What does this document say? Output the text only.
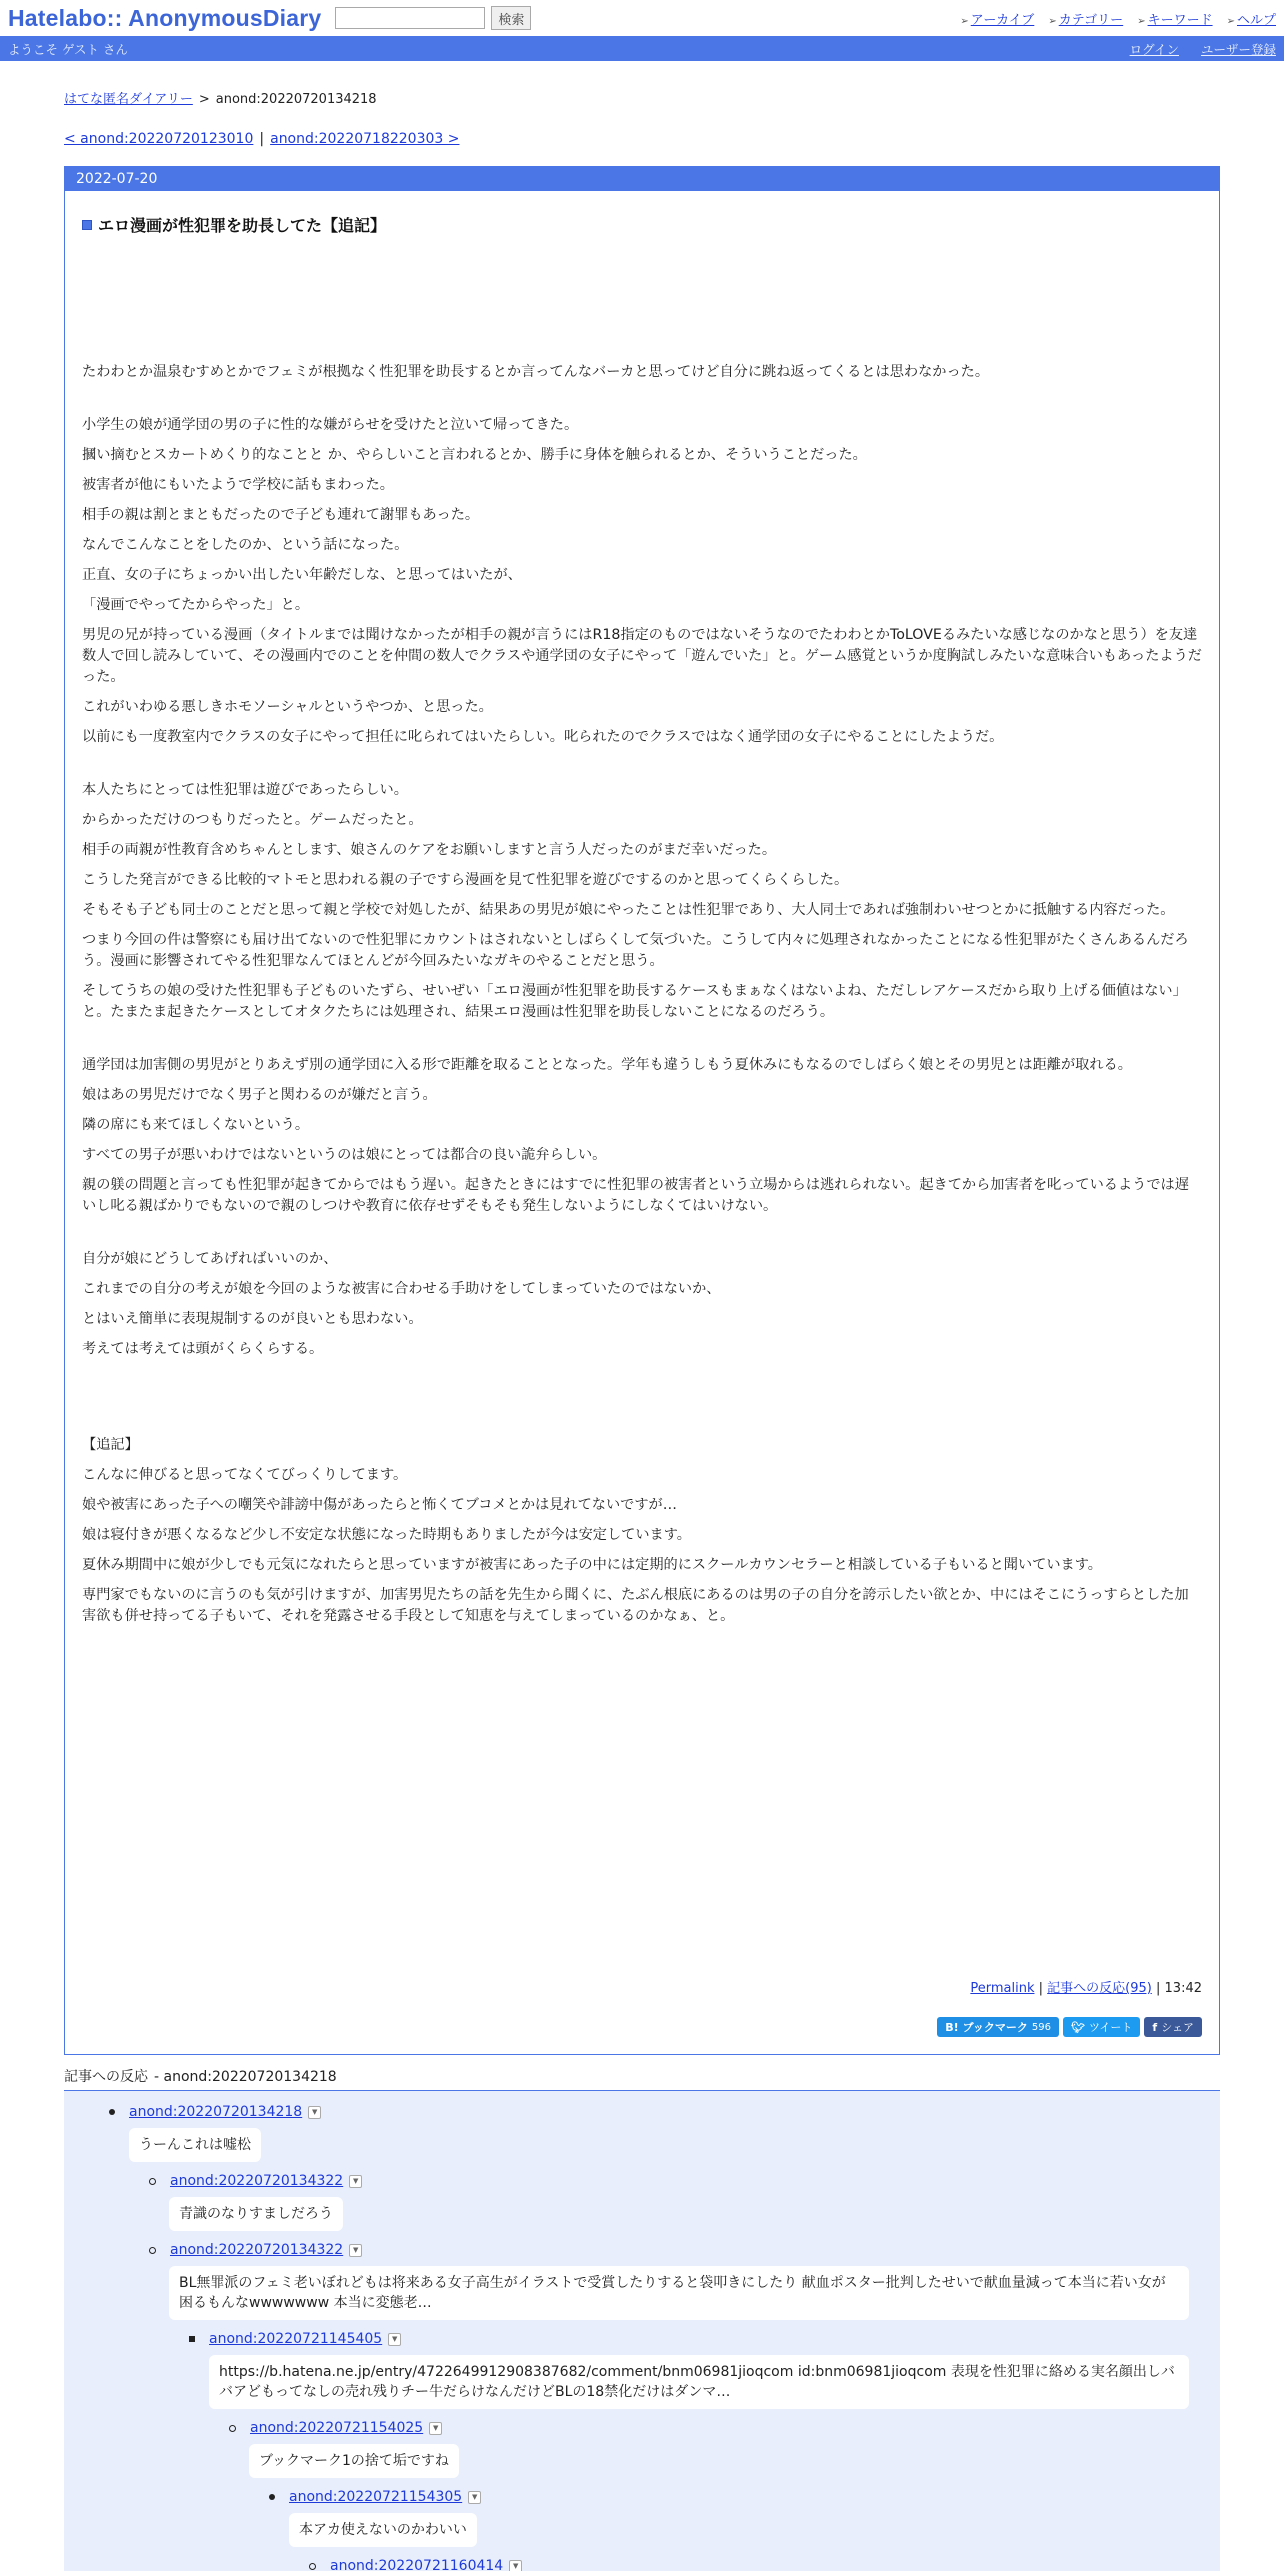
Hatelabo:: AnonymousDiary	検索	➢ アーカイブ ➢ カテゴリー ➢ キーワード ➢ ヘルプ
ようこそ ゲスト さん	ログイン ユーザー登録
はてな匿名ダイアリー > anond:20220720134218
< anond:20220720123010 | anond:20220718220303 >
2022-07-20
エロ漫画が性犯罪を助長してた【追記】

たわわとか温泉むすめとかでフェミが根拠なく性犯罪を助長するとか言ってんなバーカと思ってけど自分に跳ね返ってくるとは思わなかった。

小学生の娘が通学団の男の子に性的な嫌がらせを受けたと泣いて帰ってきた。

摑い摘むとスカートめくり的なことと か、やらしいこと言われるとか、勝手に身体を触られるとか、そういうことだった。

被害者が他にもいたようで学校に話もまわった。

相手の親は割とまともだったので子ども連れて謝罪もあった。

なんでこんなことをしたのか、という話になった。

正直、女の子にちょっかい出したい年齢だしな、と思ってはいたが、

「漫画でやってたからやった」と。

男児の兄が持っている漫画（タイトルまでは聞けなかったが相手の親が言うにはR18指定のものではないそうなのでたわわとかToLOVEるみたいな感じなのかなと思う）を友達数人で回し読みしていて、その漫画内でのことを仲間の数人でクラスや通学団の女子にやって「遊んでいた」と。ゲーム感覚というか度胸試しみたいな意味合いもあったようだった。

これがいわゆる悪しきホモソーシャルというやつか、と思った。

以前にも一度教室内でクラスの女子にやって担任に叱られてはいたらしい。叱られたのでクラスではなく通学団の女子にやることにしたようだ。

本人たちにとっては性犯罪は遊びであったらしい。

からかっただけのつもりだったと。ゲームだったと。

相手の両親が性教育含めちゃんとします、娘さんのケアをお願いしますと言う人だったのがまだ幸いだった。

こうした発言ができる比較的マトモと思われる親の子ですら漫画を見て性犯罪を遊びでするのかと思ってくらくらした。

そもそも子ども同士のことだと思って親と学校で対処したが、結果あの男児が娘にやったことは性犯罪であり、大人同士であれば強制わいせつとかに抵触する内容だった。

つまり今回の件は警察にも届け出てないので性犯罪にカウントはされないとしばらくして気づいた。こうして内々に処理されなかったことになる性犯罪がたくさんあるんだろう。漫画に影響されてやる性犯罪なんてほとんどが今回みたいなガキのやることだと思う。

そしてうちの娘の受けた性犯罪も子どものいたずら、せいぜい「エロ漫画が性犯罪を助長するケースもまぁなくはないよね、ただしレアケースだから取り上げる価値はない」と。たまたま起きたケースとしてオタクたちには処理され、結果エロ漫画は性犯罪を助長しないことになるのだろう。

通学団は加害側の男児がとりあえず別の通学団に入る形で距離を取ることとなった。学年も違うしもう夏休みにもなるのでしばらく娘とその男児とは距離が取れる。

娘はあの男児だけでなく男子と関わるのが嫌だと言う。

隣の席にも来てほしくないという。

すべての男子が悪いわけではないというのは娘にとっては都合の良い詭弁らしい。

親の躾の問題と言っても性犯罪が起きてからではもう遅い。起きたときにはすでに性犯罪の被害者という立場からは逃れられない。起きてから加害者を叱っているようでは遅いし叱る親ばかりでもないので親のしつけや教育に依存せずそもそも発生しないようにしなくてはいけない。

自分が娘にどうしてあげればいいのか、

これまでの自分の考えが娘を今回のような被害に合わせる手助けをしてしまっていたのではないか、

とはいえ簡単に表現規制するのが良いとも思わない。

考えては考えては頭がくらくらする。

【追記】

こんなに伸びると思ってなくてびっくりしてます。

娘や被害にあった子への嘲笑や誹謗中傷があったらと怖くてブコメとかは見れてないですが…

娘は寝付きが悪くなるなど少し不安定な状態になった時期もありましたが今は安定しています。

夏休み期間中に娘が少しでも元気になれたらと思っていますが被害にあった子の中には定期的にスクールカウンセラーと相談している子もいると聞いています。

専門家でもないのに言うのも気が引けますが、加害男児たちの話を先生から聞くに、たぶん根底にあるのは男の子の自分を誇示したい欲とか、中にはそこにうっすらとした加害欲も併せ持ってる子もいて、それを発露させる手段として知恵を与えてしまっているのかなぁ、と。

Permalink | 記事への反応(95) | 13:42
B! ブックマーク 596 🐦︎ ツイート f シェア
記事への反応 - anond:20220720134218
anond:20220720134218	▼
うーんこれは嘘松
anond:20220720134322	▼
青識のなりすましだろう
anond:20220720134322	▼
BL無罪派のフェミ老いぼれどもは将来ある女子高生がイラストで受賞したりすると袋叩きにしたり 献血ポスター批判したせいで献血量減って本当に若い女が困るもんなwwwwwww 本当に変態老…
anond:20220721145405	▼
https://b.hatena.ne.jp/entry/4722649912908387682/comment/bnm06981jioqcom id:bnm06981jioqcom 表現を性犯罪に絡める実名顔出しババアどもってなしの売れ残りチー牛だらけなんだけどBLの18禁化だけはダンマ…
anond:20220721154025	▼
ブックマーク1の捨て垢ですね
anond:20220721154305	▼
本アカ使えないのかわいい
anond:20220721160414	▼
